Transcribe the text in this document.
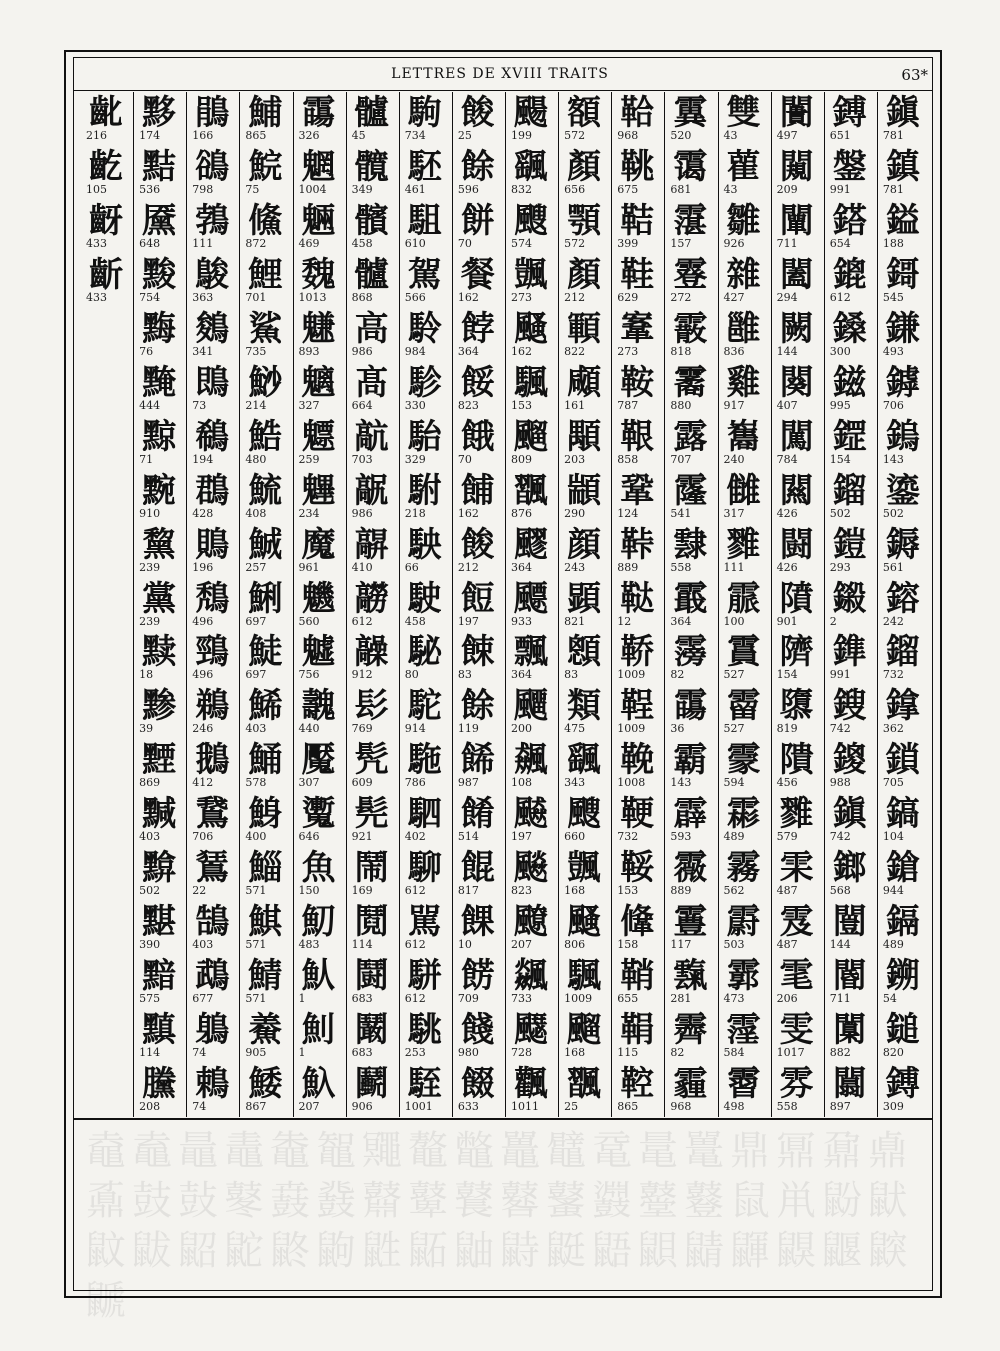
LETTRES DE XVIII TRAITS	63*
鎭
781
鎮
781
鎰
188
鎶
545
鎌
493
鏬
706
鎢
143
鎏
502
鎒
561
鎔
242
鎦
732
鎿
362
鎖
705
鎬
104
鎗
944
鎘
489
鎙
54
鎚
820
鎛
309
鎛
651
鎜
991
鎝
654
鎞
612
鎟
300
鎡
995
鎠
154
鎦
502
鎧
293
鎩
2
鎨
991
鎪
742
鎫
988
鎭
742
鎯
568
闓
144
閽
711
闑
882
闒
897
闠
497
闚
209
闡
711
闔
294
闕
144
闋
407
闖
784
闗
426
闘
426
隫
901
隮
154
隳
819
隤
456
雡
579
雬
487
雭
487
雮
206
雯
1017
雰
558
雙
43
雚
43
雛
926
雜
427
雝
836
雞
917
雟
240
雠
317
雡
111
霢
100
霣
527
霤
527
霥
594
霦
489
霧
562
霨
503
霩
473
霪
584
霫
498
霬
520
霭
681
霮
157
霯
272
霰
818
霱
880
露
707
霳
541
霴
558
霵
364
霶
82
霷
36
霸
143
霹
593
霺
889
霻
117
霼
281
霽
82
霾
968
鞈
968
鞉
675
鞊
399
鞋
629
鞌
273
鞍
787
鞎
858
鞏
124
鞐
889
鞑
12
鞒
1009
鞓
1009
鞔
1008
鞕
732
鞖
153
鞗
158
鞘
655
鞙
115
鞚
865
額
572
顏
656
顎
572
顏
212
顐
822
顑
161
顒
203
顓
290
顔
243
顕
821
顖
83
類
475
颻
343
颼
660
颽
168
颾
806
颿
1009
飀
168
飁
25
颺
199
颻
832
颼
574
颽
273
颾
162
颿
153
飀
809
飁
876
飂
364
飃
933
飄
364
飅
200
飆
108
飇
197
飈
823
飉
207
飊
733
飋
728
飌
1011
餕
25
餘
596
餅
70
餐
162
餑
364
餒
823
餓
70
餔
162
餕
212
餖
197
餗
83
餘
119
餙
987
餚
514
餛
817
餜
10
餝
709
餞
980
餟
633
駒
734
駓
461
駔
610
駕
566
駖
984
駗
330
駘
329
駙
218
駚
66
駛
458
駜
80
駝
914
駞
786
駟
402
駠
612
駡
612
駢
612
駣
253
駤
1001
髗
45
髖
349
髕
458
髗
868
高
986
髙
664
髚
703
髛
986
髜
410
髝
612
髞
912
髟
769
髠
609
髡
921
鬧
169
鬩
114
鬪
683
鬫
683
鬬
906
霷
326
魍
1004
魎
469
魏
1013
魐
893
魑
327
魒
259
魓
234
魔
961
魕
560
魖
756
魗
440
魘
307
魙
646
魚
150
魛
483
魜
1
魝
1
魞
207
鯆
865
鯇
75
鯈
872
鯉
701
鯊
735
鯋
214
鯌
480
鯍
408
鯎
257
鯏
697
鯐
697
鯑
403
鯒
578
鯓
400
鯔
571
鯕
571
鯖
571
鯗
905
鯘
867
鵑
166
鵒
798
鵓
111
鵔
363
鵕
341
鵖
73
鵗
194
鵘
428
鵙
196
鵚
496
鵛
496
鵜
246
鵝
412
鵞
706
鵟
22
鵠
403
鵡
677
鵢
74
鵣
74
黟
174
黠
536
黡
648
黢
754
黣
76
黤
444
黥
71
黦
910
黧
239
黨
239
黩
18
黪
39
黫
869
黬
403
黭
502
黮
390
黯
575
黰
114
黱
208
齔
216
齕
105
齖
433
齗
433
鼀鼁鼂鼃鼄鼅鼆鼇鼈鼉鼊鼋鼌鼍鼎鼏鼐鼑鼒鼓鼔鼕鼖鼗鼘鼙鼚鼛鼜鼝鼞鼟鼠鼡鼢鼣鼤鼥鼦鼧鼨鼩鼪鼫鼬鼭鼮鼯鼰鼱鼲鼳鼴鼵鼶
